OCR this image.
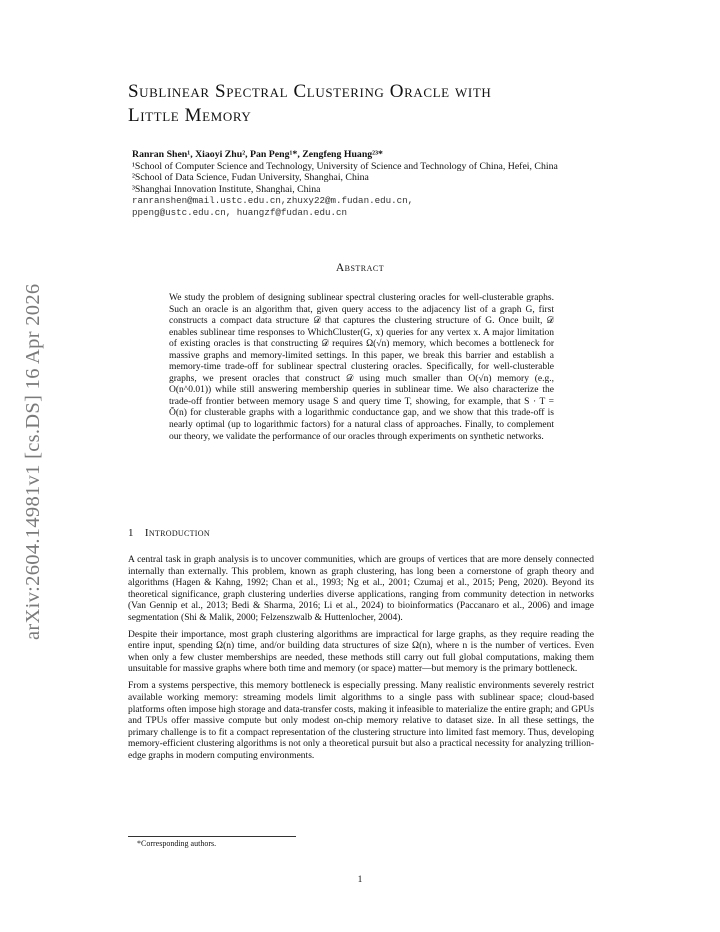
arXiv:2604.14981v1 [cs.DS] 16 Apr 2026
Sublinear Spectral Clustering Oracle with
Little Memory
Ranran Shen¹, Xiaoyi Zhu², Pan Peng¹*, Zengfeng Huang²³*
¹School of Computer Science and Technology, University of Science and Technology of China, Hefei, China
²School of Data Science, Fudan University, Shanghai, China
³Shanghai Innovation Institute, Shanghai, China
ranranshen@mail.ustc.edu.cn,zhuxy22@m.fudan.edu.cn,
ppeng@ustc.edu.cn, huangzf@fudan.edu.cn
Abstract

We study the problem of designing sublinear spectral clustering oracles for well-clusterable graphs. Such an oracle is an algorithm that, given query access to the adjacency list of a graph G, first constructs a compact data structure 𝒟 that captures the clustering structure of G. Once built, 𝒟 enables sublinear time responses to WhichCluster(G, x) queries for any vertex x. A major limitation of existing oracles is that constructing 𝒟 requires Ω(√n) memory, which becomes a bottleneck for massive graphs and memory-limited settings. In this paper, we break this barrier and establish a memory-time trade-off for sublinear spectral clustering oracles. Specifically, for well-clusterable graphs, we present oracles that construct 𝒟 using much smaller than O(√n) memory (e.g., O(n^0.01)) while still answering membership queries in sublinear time. We also characterize the trade-off frontier between memory usage S and query time T, showing, for example, that S · T = Õ(n) for clusterable graphs with a logarithmic conductance gap, and we show that this trade-off is nearly optimal (up to logarithmic factors) for a natural class of approaches. Finally, to complement our theory, we validate the performance of our oracles through experiments on synthetic networks.

1 Introduction

A central task in graph analysis is to uncover communities, which are groups of vertices that are more densely connected internally than externally. This problem, known as graph clustering, has long been a cornerstone of graph theory and algorithms (Hagen & Kahng, 1992; Chan et al., 1993; Ng et al., 2001; Czumaj et al., 2015; Peng, 2020). Beyond its theoretical significance, graph clustering underlies diverse applications, ranging from community detection in networks (Van Gennip et al., 2013; Bedi & Sharma, 2016; Li et al., 2024) to bioinformatics (Paccanaro et al., 2006) and image segmentation (Shi & Malik, 2000; Felzenszwalb & Huttenlocher, 2004).

Despite their importance, most graph clustering algorithms are impractical for large graphs, as they require reading the entire input, spending Ω(n) time, and/or building data structures of size Ω(n), where n is the number of vertices. Even when only a few cluster memberships are needed, these methods still carry out full global computations, making them unsuitable for massive graphs where both time and memory (or space) matter—but memory is the primary bottleneck.

From a systems perspective, this memory bottleneck is especially pressing. Many realistic environments severely restrict available working memory: streaming models limit algorithms to a single pass with sublinear space; cloud-based platforms often impose high storage and data-transfer costs, making it infeasible to materialize the entire graph; and GPUs and TPUs offer massive compute but only modest on-chip memory relative to dataset size. In all these settings, the primary challenge is to fit a compact representation of the clustering structure into limited fast memory. Thus, developing memory-efficient clustering algorithms is not only a theoretical pursuit but also a practical necessity for analyzing trillion-edge graphs in modern computing environments.

*Corresponding authors.
1
